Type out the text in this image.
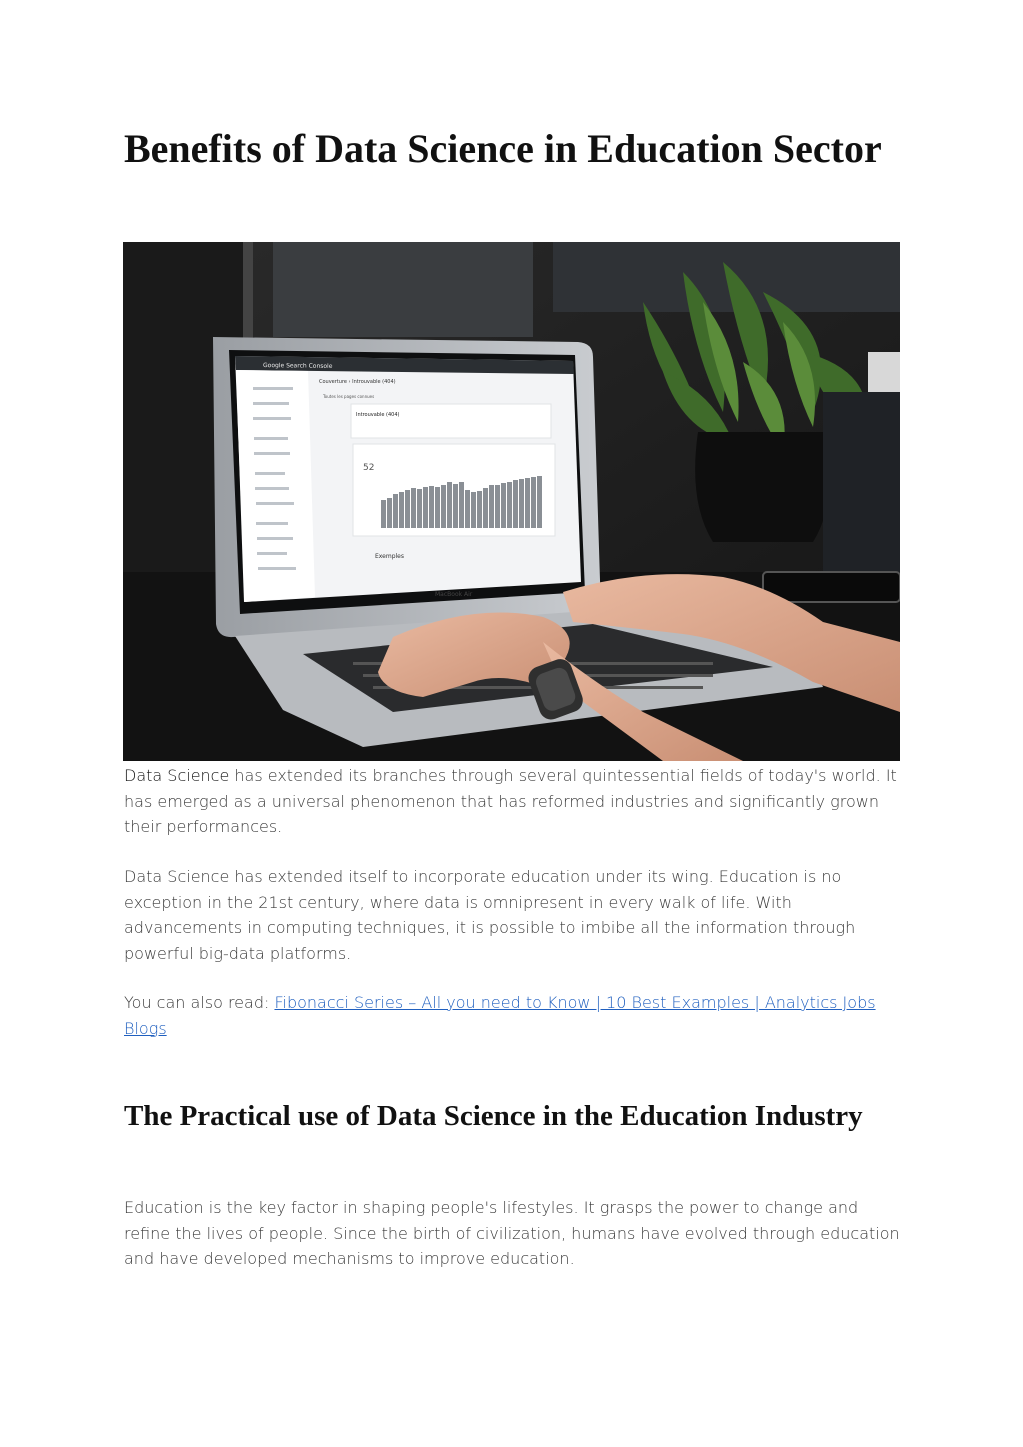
Benefits of Data Science in Education Sector
Google Search Console
Couverture › Introuvable (404)
Toutes les pages connues
Introuvable (404)
52
Exemples
MacBook Air

Data Science has extended its branches through several quintessential fields of today's world. It has emerged as a universal phenomenon that has reformed industries and significantly grown their performances.

Data Science has extended itself to incorporate education under its wing. Education is no exception in the 21st century, where data is omnipresent in every walk of life. With advancements in computing techniques, it is possible to imbibe all the information through powerful big-data platforms.

You can also read: Fibonacci Series – All you need to Know | 10 Best Examples | Analytics Jobs Blogs

The Practical use of Data Science in the Education Industry

Education is the key factor in shaping people's lifestyles. It grasps the power to change and refine the lives of people. Since the birth of civilization, humans have evolved through education and have developed mechanisms to improve education.
